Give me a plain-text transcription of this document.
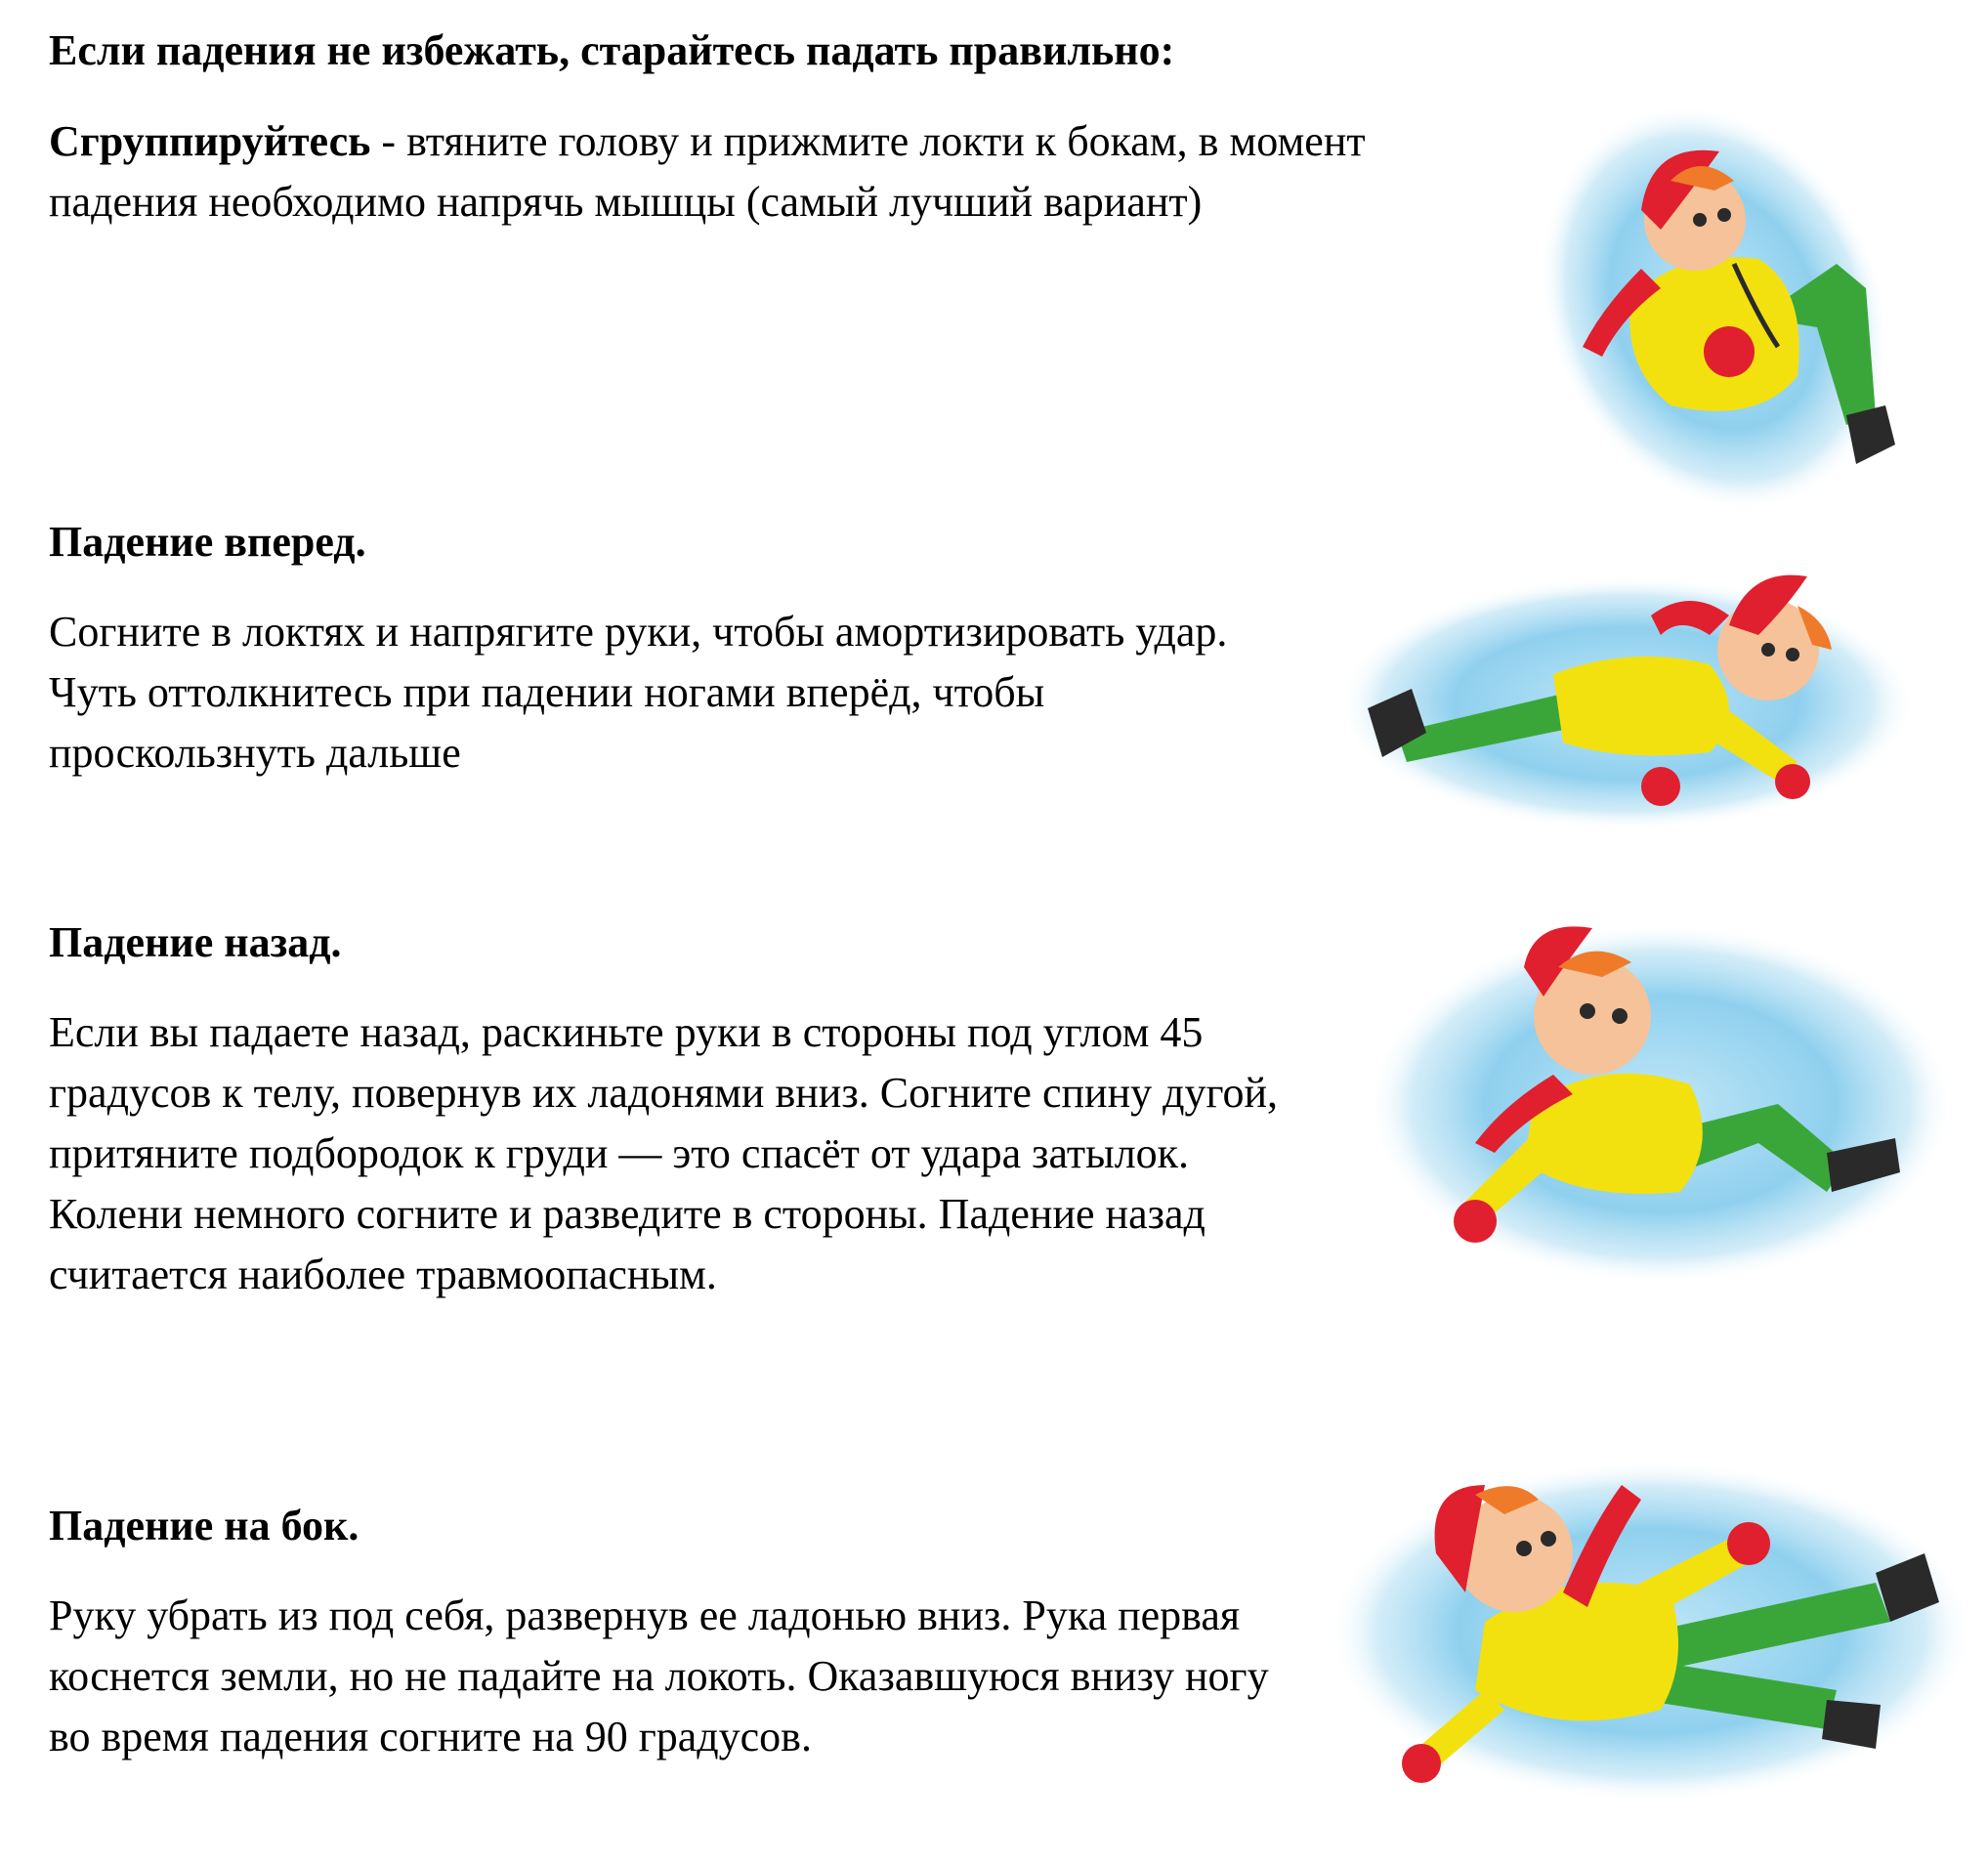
Если падения не избежать, старайтесь падать правильно:

Сгруппируйтесь - втяните голову и прижмите локти к бокам, в момент падения необходимо напрячь мышцы (самый лучший вариант)

Падение вперед.

Согните в локтях и напрягите руки, чтобы амортизировать удар. Чуть оттолкнитесь при падении ногами вперёд, чтобы проскользнуть дальше

Падение назад.

Если вы падаете назад, раскиньте руки в стороны под углом 45 градусов к телу, повернув их ладонями вниз. Согните спину дугой, притяните подбородок к груди — это спасёт от удара затылок. Колени немного согните и разведите в стороны. Падение назад считается наиболее травмоопасным.

Падение на бок.

Руку убрать из под себя, развернув ее ладонью вниз. Рука первая коснется земли, но не падайте на локоть. Оказавшуюся внизу ногу во время падения согните на 90 градусов.
